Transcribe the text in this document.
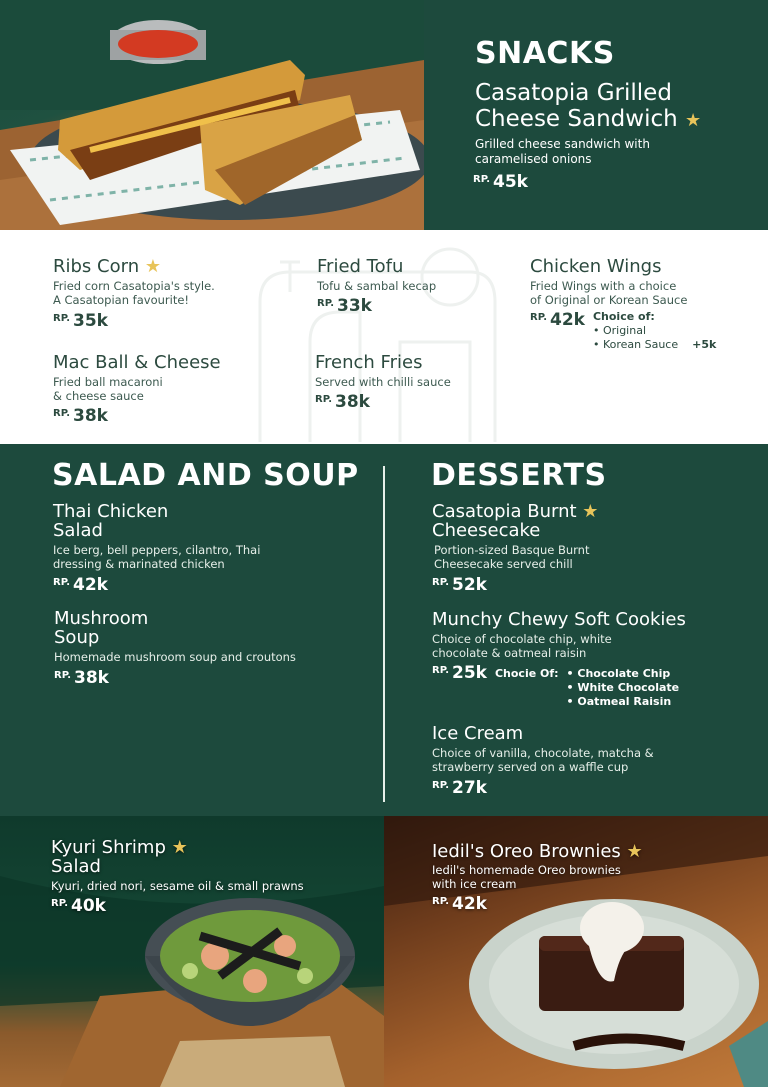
SNACKS
Casatopia Grilled
Cheese Sandwich ★
Grilled cheese sandwich with
caramelised onions
$^{RP.}$ 45k
Ribs Corn ★
Fried corn Casatopia's style.
A Casatopian favourite!
$^{RP.}$ 35k
Fried Tofu
Tofu & sambal kecap
$^{RP.}$ 33k
Chicken Wings
Fried Wings with a choice
of Original or Korean Sauce
$^{RP.}$ 42k Choice of:
• Original
• Korean Sauce +5k
Mac Ball & Cheese
Fried ball macaroni
& cheese sauce
$^{RP.}$ 38k
French Fries
Served with chilli sauce
$^{RP.}$ 38k
SALAD AND SOUP
Thai Chicken
Salad
Ice berg, bell peppers, cilantro, Thai
dressing & marinated chicken
$^{RP.}$ 42k
Mushroom
Soup
Homemade mushroom soup and croutons
$^{RP.}$ 38k
DESSERTS
Casatopia Burnt ★
Cheesecake
Portion-sized Basque Burnt
Cheesecake served chill
$^{RP.}$ 52k
Munchy Chewy Soft Cookies
Choice of chocolate chip, white
chocolate & oatmeal raisin
$^{RP.}$ 25k Chocie Of: • Chocolate Chip
• White Chocolate
• Oatmeal Raisin
Ice Cream
Choice of vanilla, chocolate, matcha &
strawberry served on a waffle cup
$^{RP.}$ 27k
Kyuri Shrimp ★
Salad
Kyuri, dried nori, sesame oil & small prawns
$^{RP.}$ 40k
Iedil's Oreo Brownies ★
Iedil's homemade Oreo brownies
with ice cream
$^{RP.}$ 42k
